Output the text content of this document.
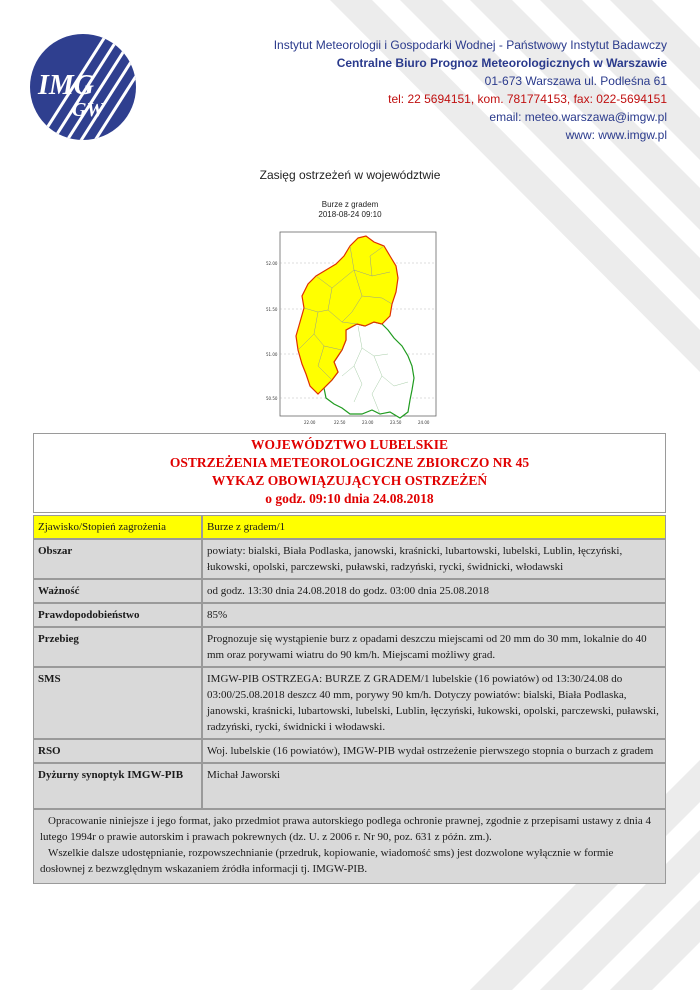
IMG
GW
Instytut Meteorologii i Gospodarki Wodnej - Państwowy Instytut Badawczy
Centralne Biuro Prognoz Meteorologicznych w Warszawie
01-673 Warszawa ul. Podleśna 61
tel: 22 5694151, kom. 781774153, fax: 022-5694151
email: meteo.warszawa@imgw.pl
www: www.imgw.pl
Zasięg ostrzeżeń w województwie
Burze z gradem
2018-08-24 09:10
52.00
51.50
51.00
50.50
22.00	22.50	23.00	23.50	24.00
WOJEWÓDZTWO LUBELSKIE
OSTRZEŻENIA METEOROLOGICZNE ZBIORCZO NR 45
WYKAZ OBOWIĄZUJĄCYCH OSTRZEŻEŃ
o godz. 09:10 dnia 24.08.2018

Zjawisko/Stopień zagrożenia	Burze z gradem/1
Obszar	powiaty: bialski, Biała Podlaska, janowski, kraśnicki, lubartowski, lubelski, Lublin, łęczyński, łukowski, opolski, parczewski, puławski, radzyński, rycki, świdnicki, włodawski
Ważność	od godz. 13:30 dnia 24.08.2018 do godz. 03:00 dnia 25.08.2018
Prawdopodobieństwo	85%
Przebieg	Prognozuje się wystąpienie burz z opadami deszczu miejscami od 20 mm do 30 mm, lokalnie do 40 mm oraz porywami wiatru do 90 km/h. Miejscami możliwy grad.
SMS	IMGW-PIB OSTRZEGA: BURZE Z GRADEM/1 lubelskie (16 powiatów) od 13:30/24.08 do 03:00/25.08.2018 deszcz 40 mm, porywy 90 km/h. Dotyczy powiatów: bialski, Biała Podlaska, janowski, kraśnicki, lubartowski, lubelski, Lublin, łęczyński, łukowski, opolski, parczewski, puławski, radzyński, rycki, świdnicki i włodawski.
RSO	Woj. lubelskie (16 powiatów), IMGW-PIB wydał ostrzeżenie pierwszego stopnia o burzach z gradem
Dyżurny synoptyk IMGW-PIB	Michał Jaworski

Opracowanie niniejsze i jego format, jako przedmiot prawa autorskiego podlega ochronie prawnej, zgodnie z przepisami ustawy z dnia 4 lutego 1994r o prawie autorskim i prawach pokrewnych (dz. U. z 2006 r. Nr 90, poz. 631 z późn. zm.).

Wszelkie dalsze udostępnianie, rozpowszechnianie (przedruk, kopiowanie, wiadomość sms) jest dozwolone wyłącznie w formie dosłownej z bezwzględnym wskazaniem źródła informacji tj. IMGW-PIB.
